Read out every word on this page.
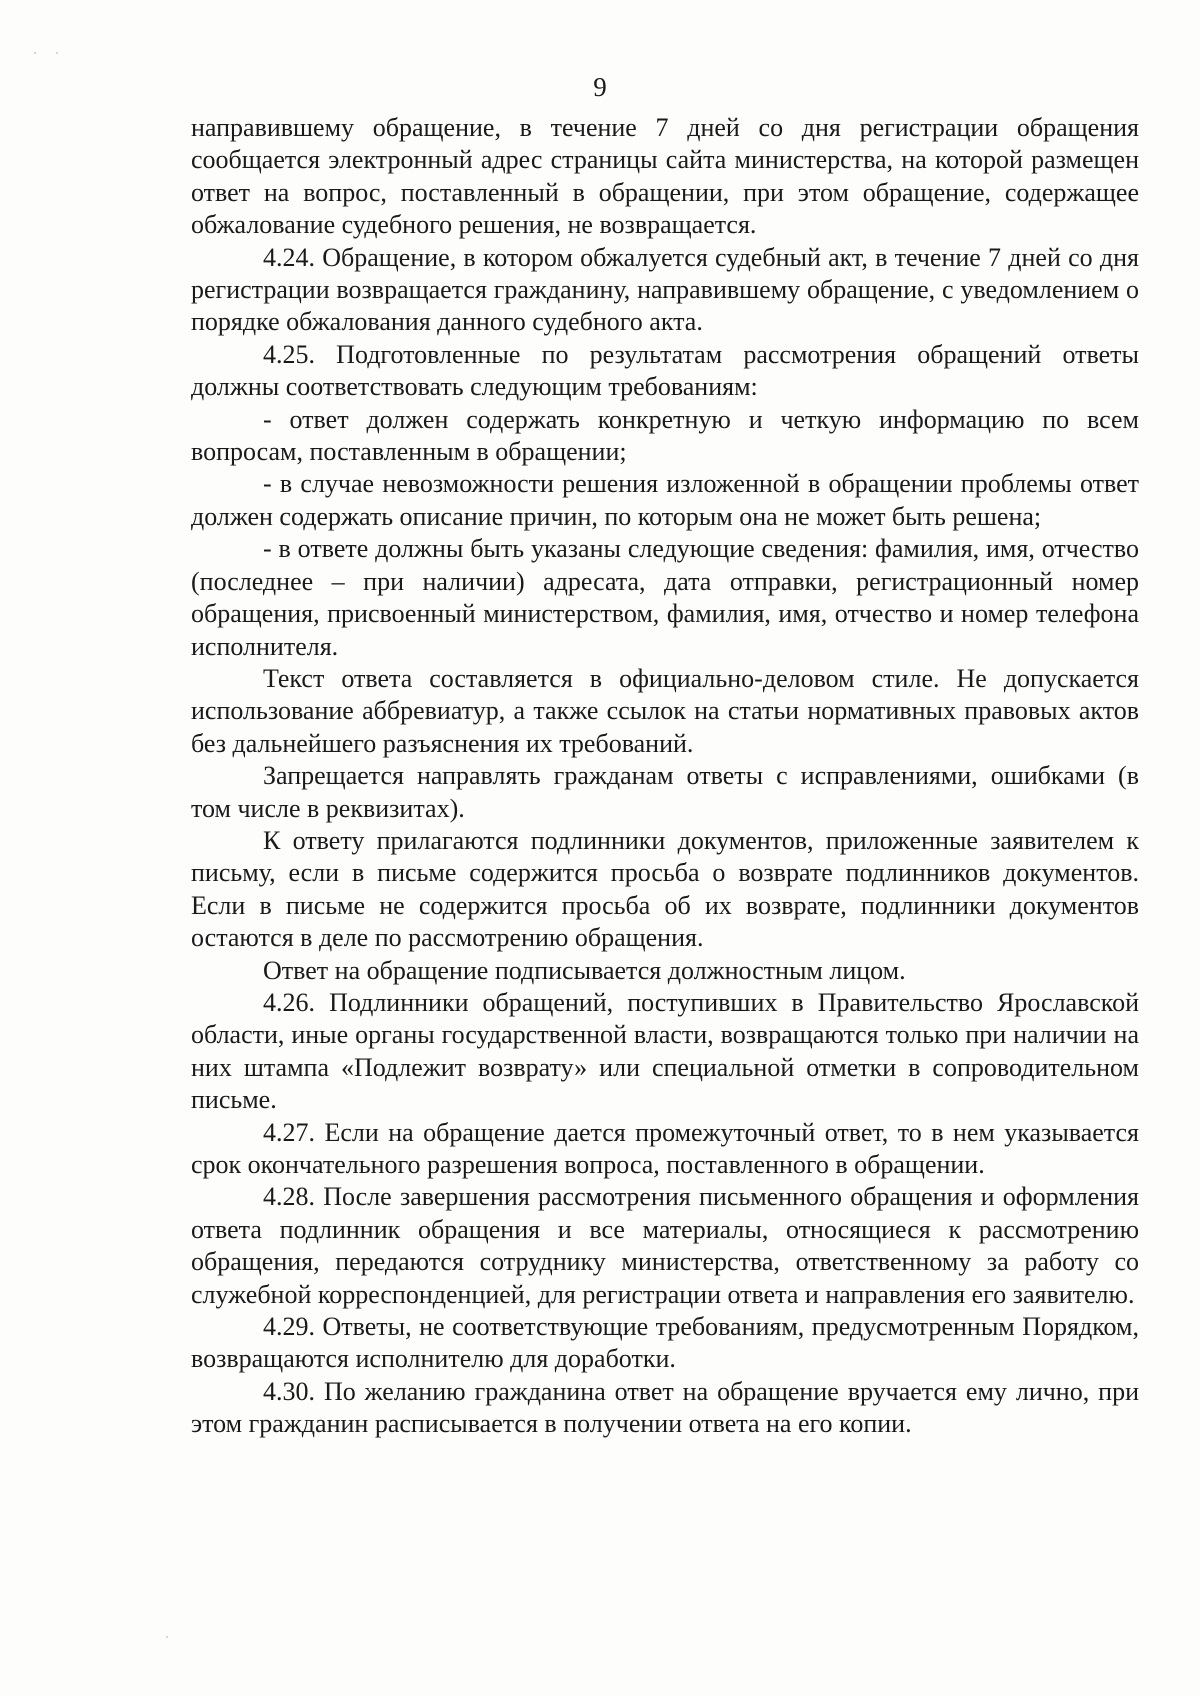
9

направившему обращение, в течение 7 дней со дня регистрации обращения сообщается электронный адрес страницы сайта министерства, на которой размещен ответ на вопрос, поставленный в обращении, при этом обращение, содержащее обжалование судебного решения, не возвращается.

4.24. Обращение, в котором обжалуется судебный акт, в течение 7 дней со дня регистрации возвращается гражданину, направившему обращение, с уведомлением о порядке обжалования данного судебного акта.

4.25. Подготовленные по результатам рассмотрения обращений ответы должны соответствовать следующим требованиям:

- ответ должен содержать конкретную и четкую информацию по всем вопросам, поставленным в обращении;

- в случае невозможности решения изложенной в обращении проблемы ответ должен содержать описание причин, по которым она не может быть решена;

- в ответе должны быть указаны следующие сведения: фамилия, имя, отчество (последнее – при наличии) адресата, дата отправки, регистрационный номер обращения, присвоенный министерством, фамилия, имя, отчество и номер телефона исполнителя.

Текст ответа составляется в официально-деловом стиле. Не допускается использование аббревиатур, а также ссылок на статьи нормативных правовых актов без дальнейшего разъяснения их требований.

Запрещается направлять гражданам ответы с исправлениями, ошибками (в том числе в реквизитах).

К ответу прилагаются подлинники документов, приложенные заявителем к письму, если в письме содержится просьба о возврате подлинников документов. Если в письме не содержится просьба об их возврате, подлинники документов остаются в деле по рассмотрению обращения.

Ответ на обращение подписывается должностным лицом.

4.26. Подлинники обращений, поступивших в Правительство Ярославской области, иные органы государственной власти, возвращаются только при наличии на них штампа «Подлежит возврату» или специальной отметки в сопроводительном письме.

4.27. Если на обращение дается промежуточный ответ, то в нем указывается срок окончательного разрешения вопроса, поставленного в обращении.

4.28. После завершения рассмотрения письменного обращения и оформления ответа подлинник обращения и все материалы, относящиеся к рассмотрению обращения, передаются сотруднику министерства, ответственному за работу со служебной корреспонденцией, для регистрации ответа и направления его заявителю.

4.29. Ответы, не соответствующие требованиям, предусмотренным Порядком, возвращаются исполнителю для доработки.

4.30. По желанию гражданина ответ на обращение вручается ему лично, при этом гражданин расписывается в получении ответа на его копии.
